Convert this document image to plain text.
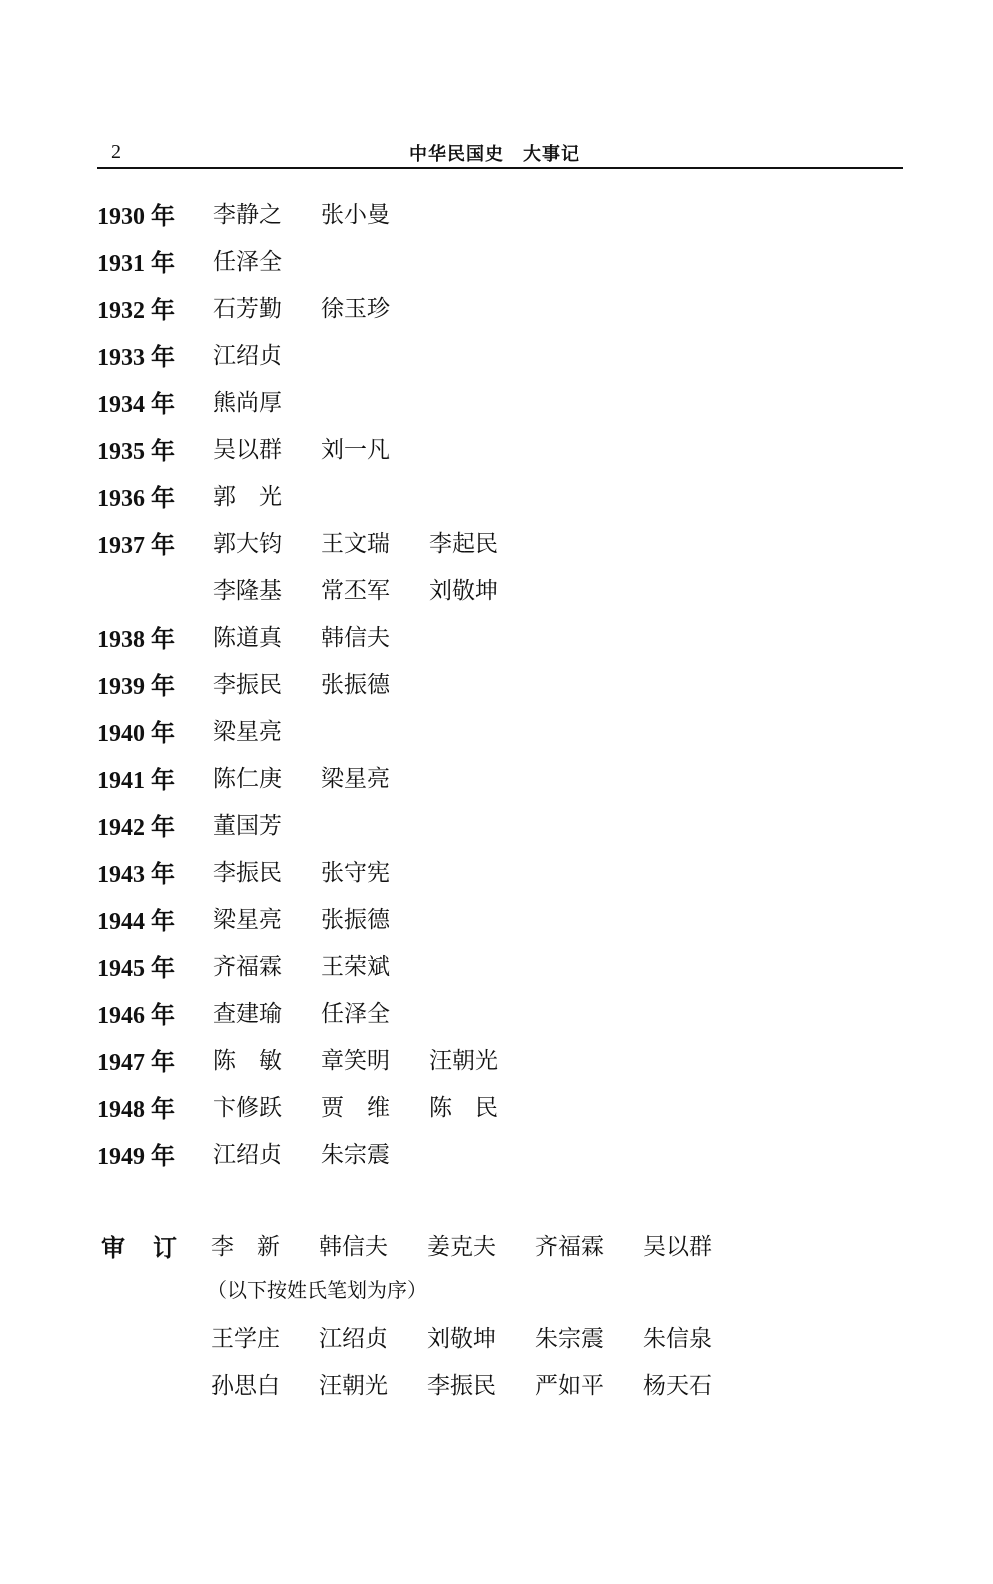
2	中华民国史　大事记
1930 年 李静之 张小曼
1931 年 任泽全
1932 年 石芳勤 徐玉珍
1933 年 江绍贞
1934 年 熊尚厚
1935 年 吴以群 刘一凡
1936 年 郭　光
1937 年 郭大钧 王文瑞 李起民
李隆基 常丕军 刘敬坤
1938 年 陈道真 韩信夫
1939 年 李振民 张振德
1940 年 梁星亮
1941 年 陈仁庚 梁星亮
1942 年 董国芳
1943 年 李振民 张守宪
1944 年 梁星亮 张振德
1945 年 齐福霖 王荣斌
1946 年 查建瑜 任泽全
1947 年 陈　敏 章笑明 汪朝光
1948 年 卞修跃 贾　维 陈　民
1949 年 江绍贞 朱宗震
审订

李　新

韩信夫

姜克夫

齐福霖

吴以群

（以下按姓氏笔划为序）

王学庄

江绍贞

刘敬坤

朱宗震

朱信泉

孙思白

汪朝光

李振民

严如平

杨天石
